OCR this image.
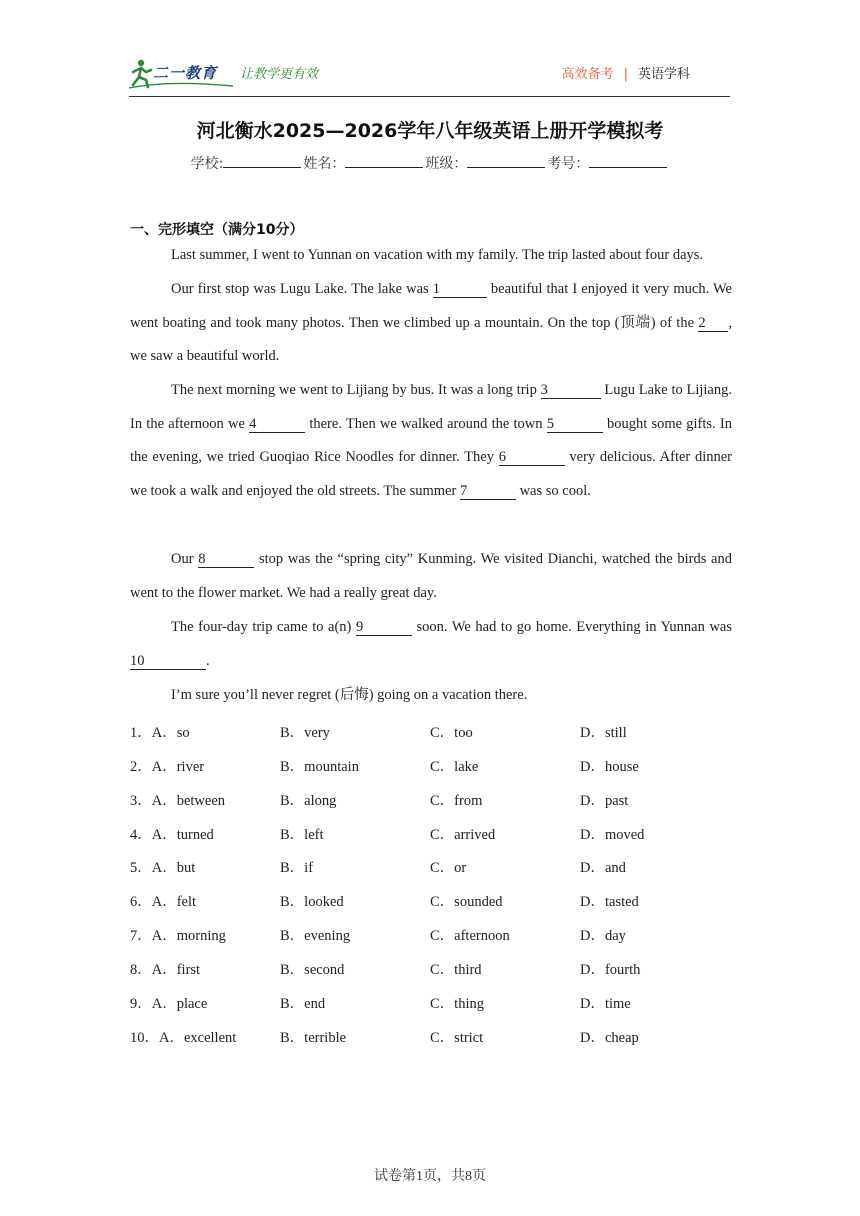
二一教育 让教学更有效	高效备考 | 英语学科
河北衡水2025—2026学年八年级英语上册开学模拟考
学校:	姓名：	班级：	考号：
一、完形填空（满分10分）
Last summer, I went to Yunnan on vacation with my family. The trip lasted about four days.
Our first stop was Lugu Lake. The lake was 1	beautiful that I enjoyed it very much. We went boating and took many photos. Then we climbed up a mountain. On the top (顶端) of the 2 , we saw a beautiful world.
The next morning we went to Lijiang by bus. It was a long trip 3	Lugu Lake to Lijiang. In the afternoon we 4	there. Then we walked around the town 5	bought some gifts. In the evening, we tried Guoqiao Rice Noodles for dinner. They 6	very delicious. After dinner we took a walk and enjoyed the old streets. The summer 7	was so cool.
Our 8	stop was the “spring city” Kunming. We visited Dianchi, watched the birds and went to the flower market. We had a really great day.
The four-day trip came to a(n) 9	soon. We had to go home. Everything in Yunnan was 10	.
I’m sure you’ll never regret (后悔) going on a vacation there.
1．A．so	B．very	C．too	D．still
2．A．river	B．mountain	C．lake	D．house
3．A．between	B．along	C．from	D．past
4．A．turned	B．left	C．arrived	D．moved
5．A．but	B．if	C．or	D．and
6．A．felt	B．looked	C．sounded	D．tasted
7．A．morning	B．evening	C．afternoon	D．day
8．A．first	B．second	C．third	D．fourth
9．A．place	B．end	C．thing	D．time
10．A．excellent	B．terrible	C．strict	D．cheap
试卷第1页，共8页
